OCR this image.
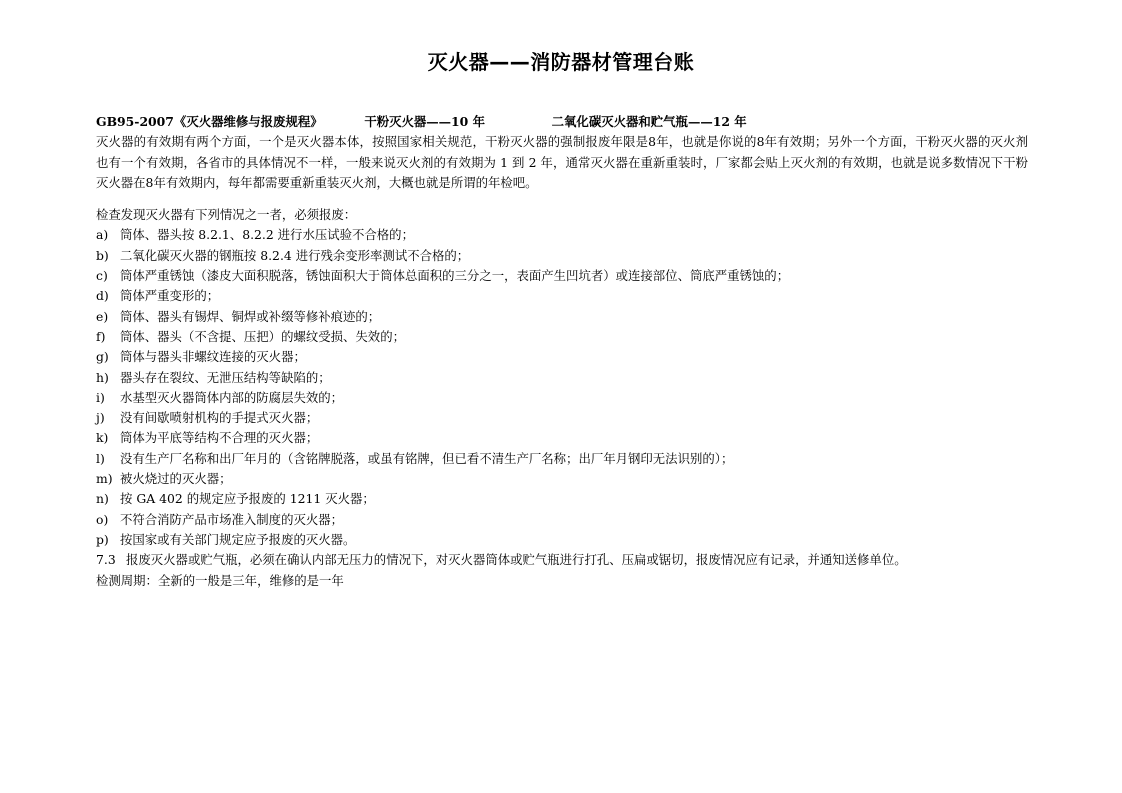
灭火器——消防器材管理台账
GB95-2007《灭火器维修与报废规程》	干粉灭火器——10 年	二氧化碳灭火器和贮气瓶——12 年
灭火器的有效期有两个方面，一个是灭火器本体，按照国家相关规范，干粉灭火器的强制报废年限是8年，也就是你说的8年有效期；另外一个方面，干粉灭火器的灭火剂也有一个有效期，各省市的具体情况不一样，一般来说灭火剂的有效期为 1 到 2 年，通常灭火器在重新重装时，厂家都会贴上灭火剂的有效期，也就是说多数情况下干粉灭火器在8年有效期内，每年都需要重新重装灭火剂，大概也就是所谓的年检吧。
检查发现灭火器有下列情况之一者，必须报废：
a) 筒体、器头按 8.2.1、8.2.2 进行水压试验不合格的；
b) 二氧化碳灭火器的钢瓶按 8.2.4 进行残余变形率测试不合格的；
c) 筒体严重锈蚀（漆皮大面积脱落，锈蚀面积大于筒体总面积的三分之一，表面产生凹坑者）或连接部位、筒底严重锈蚀的；
d) 筒体严重变形的；
e) 筒体、器头有锡焊、铜焊或补缀等修补痕迹的；
f) 筒体、器头（不含提、压把）的螺纹受损、失效的；
g) 筒体与器头非螺纹连接的灭火器；
h) 器头存在裂纹、无泄压结构等缺陷的；
i) 水基型灭火器筒体内部的防腐层失效的；
j) 没有间歇喷射机构的手提式灭火器；
k) 筒体为平底等结构不合理的灭火器；
l) 没有生产厂名称和出厂年月的（含铭牌脱落，或虽有铭牌，但已看不清生产厂名称；出厂年月钢印无法识别的）；
m) 被火烧过的灭火器；
n) 按 GA 402 的规定应予报废的 1211 灭火器；
o) 不符合消防产品市场准入制度的灭火器；
p) 按国家或有关部门规定应予报废的灭火器。
7.3 报废灭火器或贮气瓶，必须在确认内部无压力的情况下，对灭火器筒体或贮气瓶进行打孔、压扁或锯切，报废情况应有记录，并通知送修单位。
检测周期：全新的一般是三年，维修的是一年
